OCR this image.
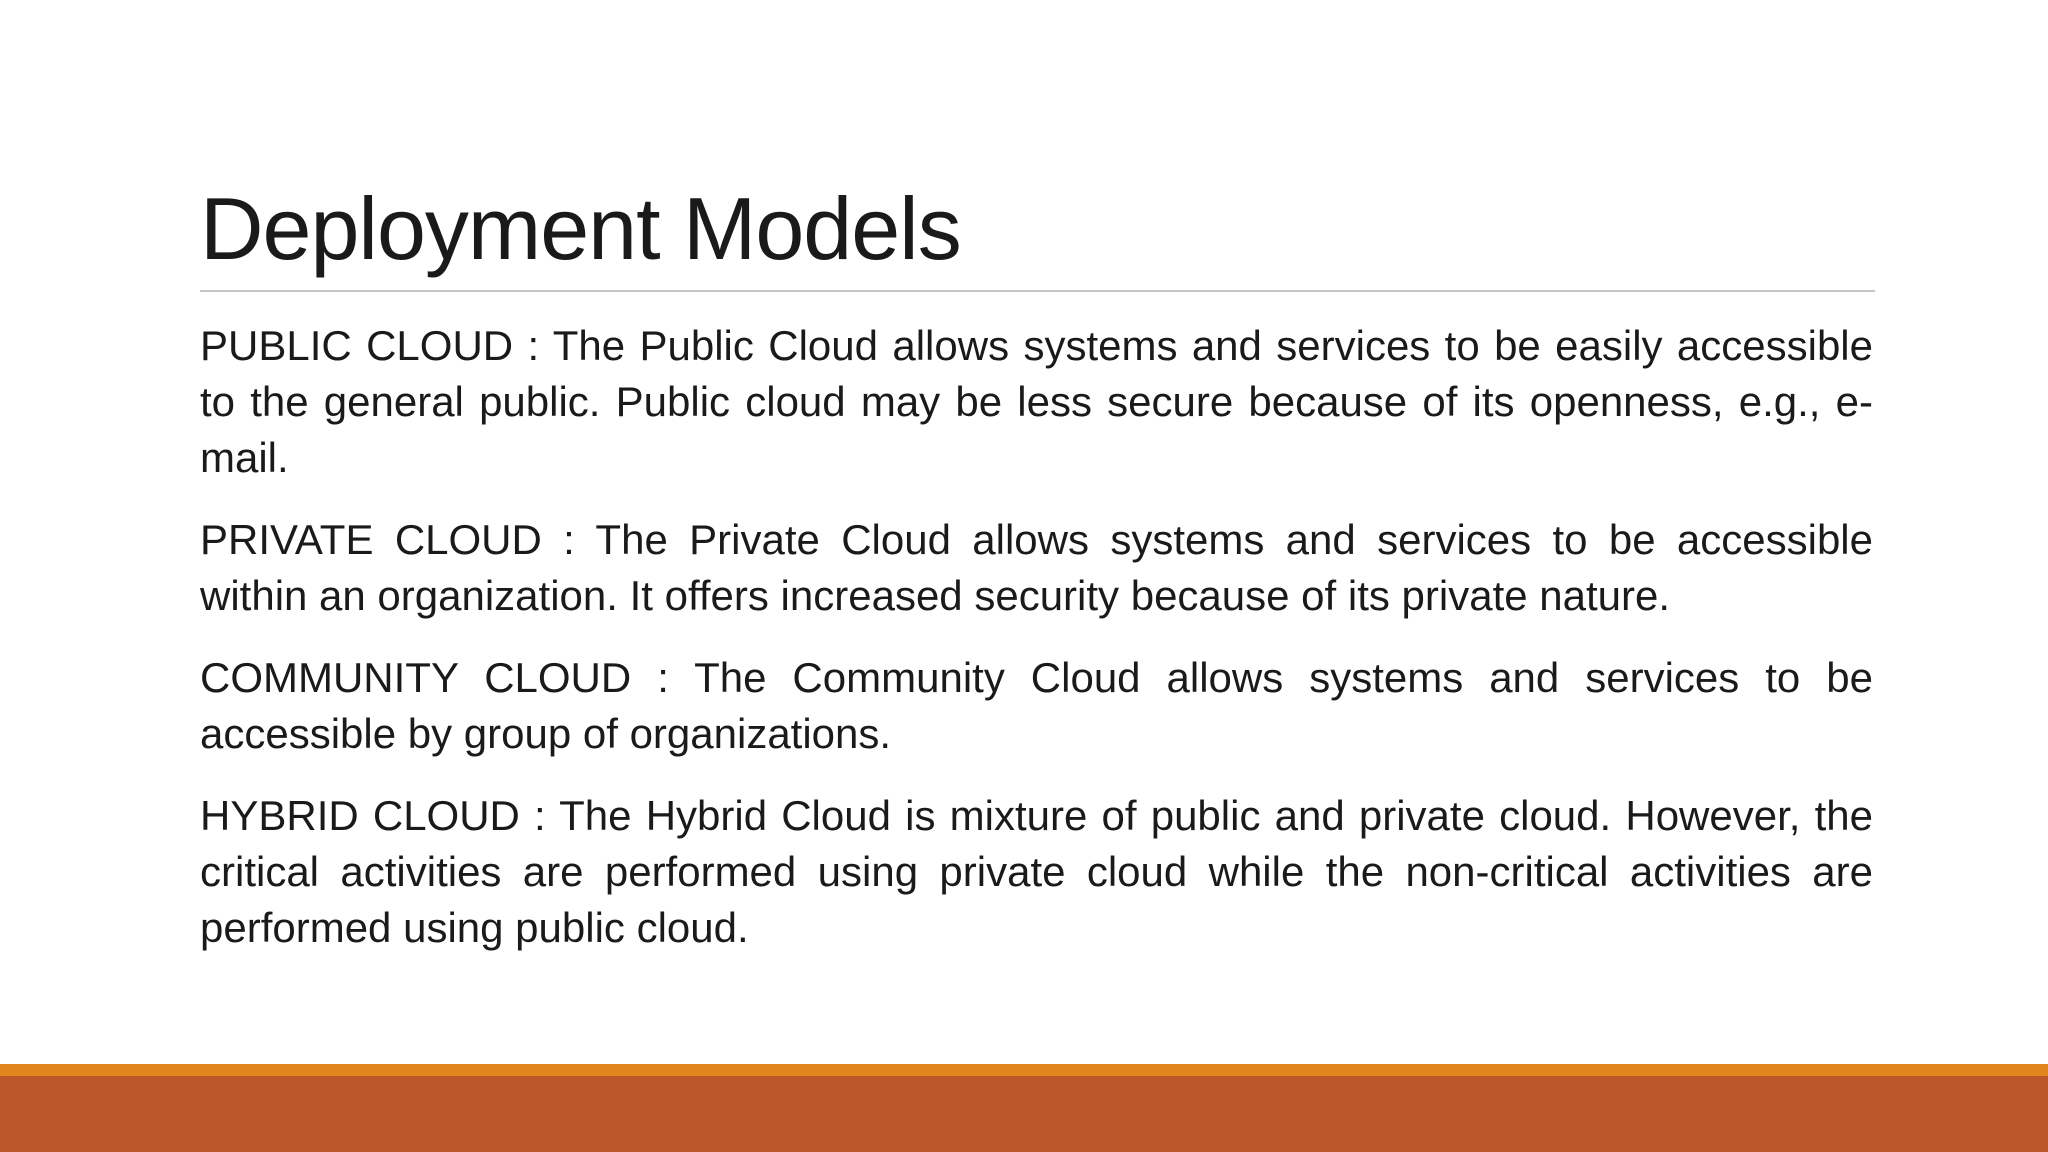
Deployment Models

PUBLIC CLOUD : The Public Cloud allows systems and services to be easily accessible to the general public. Public cloud may be less secure because of its openness, e.g., e-mail.

PRIVATE CLOUD : The Private Cloud allows systems and services to be accessible within an organization. It offers increased security because of its private nature.

COMMUNITY CLOUD : The Community Cloud allows systems and services to be accessible by group of organizations.

HYBRID CLOUD : The Hybrid Cloud is mixture of public and private cloud. However, the critical activities are performed using private cloud while the non-critical activities are performed using public cloud.
